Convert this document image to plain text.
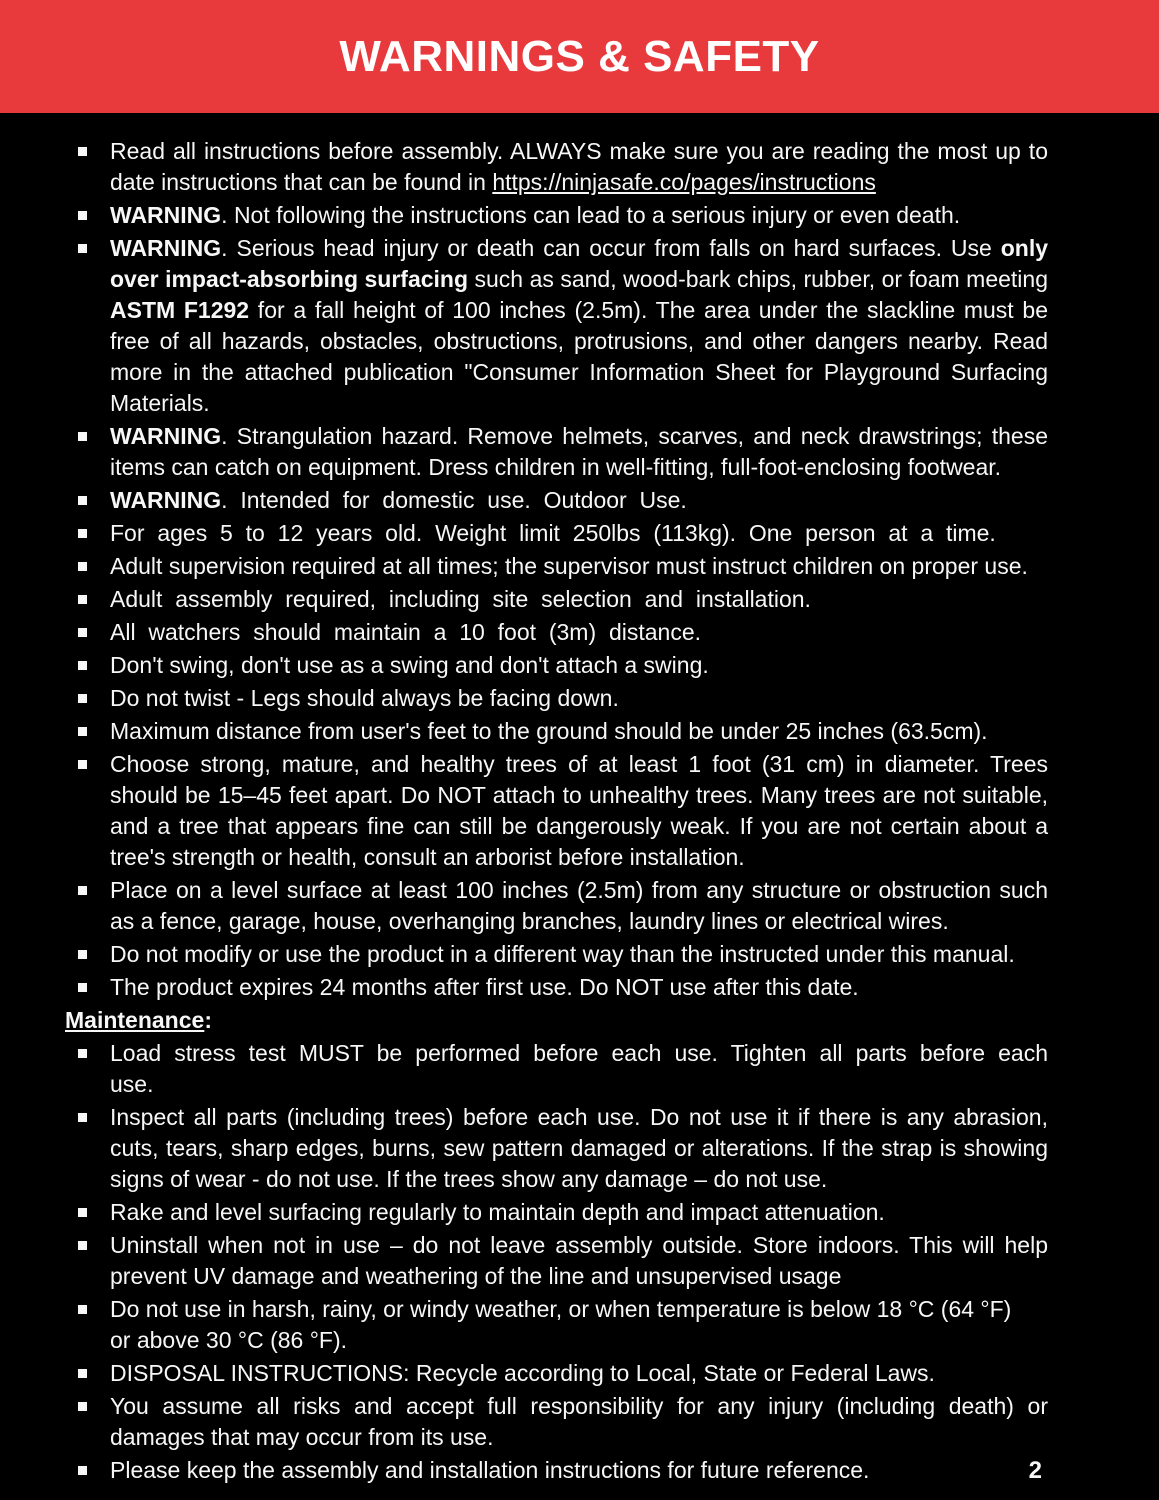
WARNINGS & SAFETY

Read all instructions before assembly. ALWAYS make sure you are reading the most up to date instructions that can be found in https://ninjasafe.co/pages/instructions

WARNING. Not following the instructions can lead to a serious injury or even death.

WARNING. Serious head injury or death can occur from falls on hard surfaces. Use only over impact-absorbing surfacing such as sand, wood-bark chips, rubber, or foam meeting ASTM F1292 for a fall height of 100 inches (2.5m). The area under the slackline must be free of all hazards, obstacles, obstructions, protrusions, and other dangers nearby. Read more in the attached publication "Consumer Information Sheet for Playground Surfacing Materials.

WARNING. Strangulation hazard. Remove helmets, scarves, and neck drawstrings; these items can catch on equipment. Dress children in well-fitting, full-foot-enclosing footwear.

WARNING. Intended for domestic use. Outdoor Use.

For ages 5 to 12 years old. Weight limit 250lbs (113kg). One person at a time.

Adult supervision required at all times; the supervisor must instruct children on proper use.

Adult assembly required, including site selection and installation.

All watchers should maintain a 10 foot (3m) distance.

Don't swing, don't use as a swing and don't attach a swing.

Do not twist - Legs should always be facing down.

Maximum distance from user's feet to the ground should be under 25 inches (63.5cm).

Choose strong, mature, and healthy trees of at least 1 foot (31 cm) in diameter. Trees should be 15–45 feet apart. Do NOT attach to unhealthy trees. Many trees are not suitable, and a tree that appears fine can still be dangerously weak. If you are not certain about a tree's strength or health, consult an arborist before installation.

Place on a level surface at least 100 inches (2.5m) from any structure or obstruction such as a fence, garage, house, overhanging branches, laundry lines or electrical wires.

Do not modify or use the product in a different way than the instructed under this manual.

The product expires 24 months after first use. Do NOT use after this date.

Maintenance:

Load stress test MUST be performed before each use. Tighten all parts before each use.

Inspect all parts (including trees) before each use. Do not use it if there is any abrasion, cuts, tears, sharp edges, burns, sew pattern damaged or alterations. If the strap is showing signs of wear - do not use. If the trees show any damage – do not use.

Rake and level surfacing regularly to maintain depth and impact attenuation.

Uninstall when not in use – do not leave assembly outside. Store indoors. This will help prevent UV damage and weathering of the line and unsupervised usage

Do not use in harsh, rainy, or windy weather, or when temperature is below 18 °C (64 °F)
or above 30 °C (86 °F).

DISPOSAL INSTRUCTIONS: Recycle according to Local, State or Federal Laws.

You assume all risks and accept full responsibility for any injury (including death) or damages that may occur from its use.

Please keep the assembly and installation instructions for future reference.	2
